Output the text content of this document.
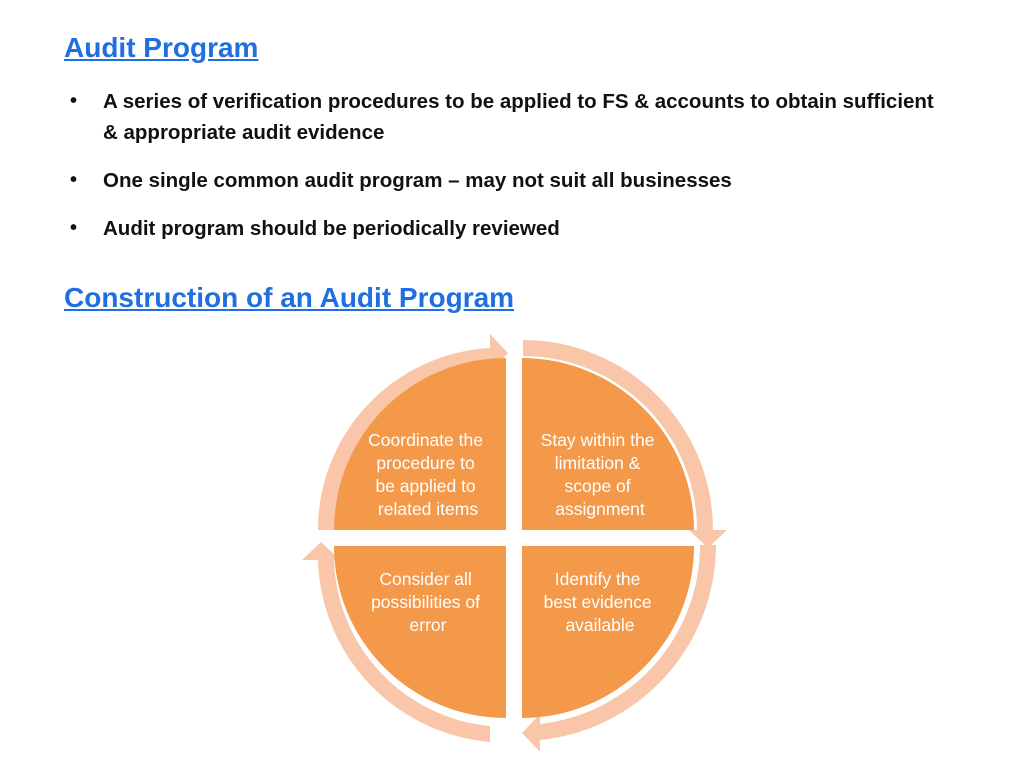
Audit Program
• A series of verification procedures to be applied to FS & accounts to obtain sufficient & appropriate audit evidence
• One single common audit program – may not suit all businesses
• Audit program should be periodically reviewed
Construction of an Audit Program
Coordinate the procedure to be applied to related items
Stay within the limitation & scope of assignment
Consider all possibilities of error
Identify the best evidence available
